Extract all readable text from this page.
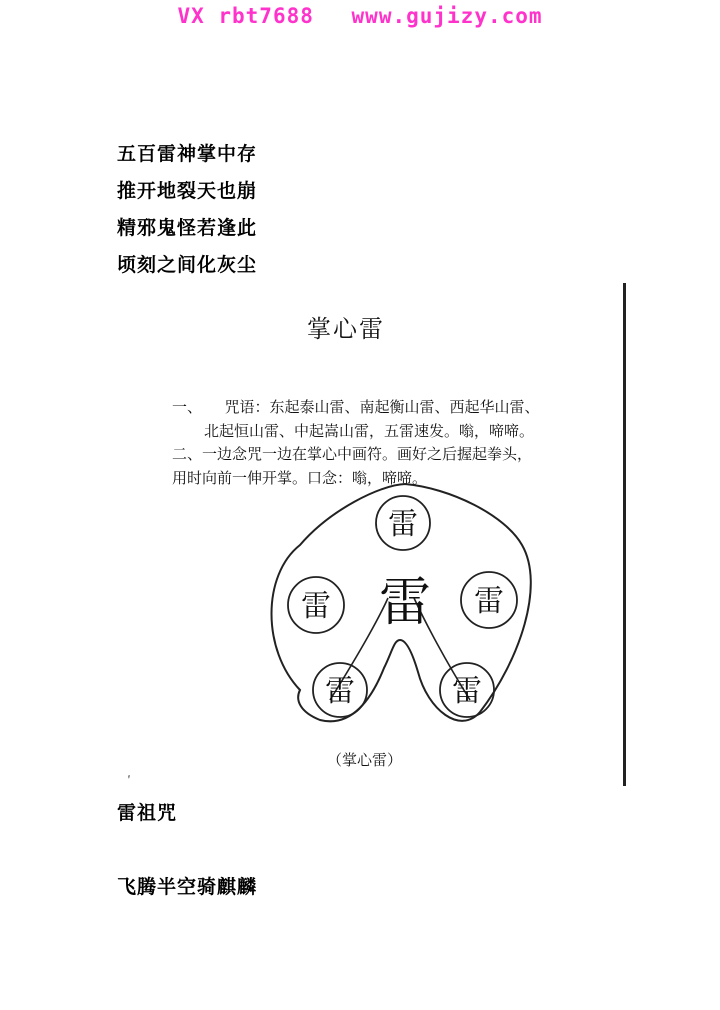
VX rbt7688 www.gujizy.com
五百雷神掌中存
推开地裂天也崩
精邪鬼怪若逢此
顷刻之间化灰尘
掌心雷

一、　　咒语：东起泰山雷、南起衡山雷、西起华山雷、

北起恒山雷、中起嵩山雷，五雷速发。嗡，啼啼。

二、一边念咒一边在掌心中画符。画好之后握起拳头，

用时向前一伸开掌。口念：嗡，啼啼。

雷
雷	雷
雷	雷
雷
（掌心雷）
′
雷祖咒
飞腾半空骑麒麟
